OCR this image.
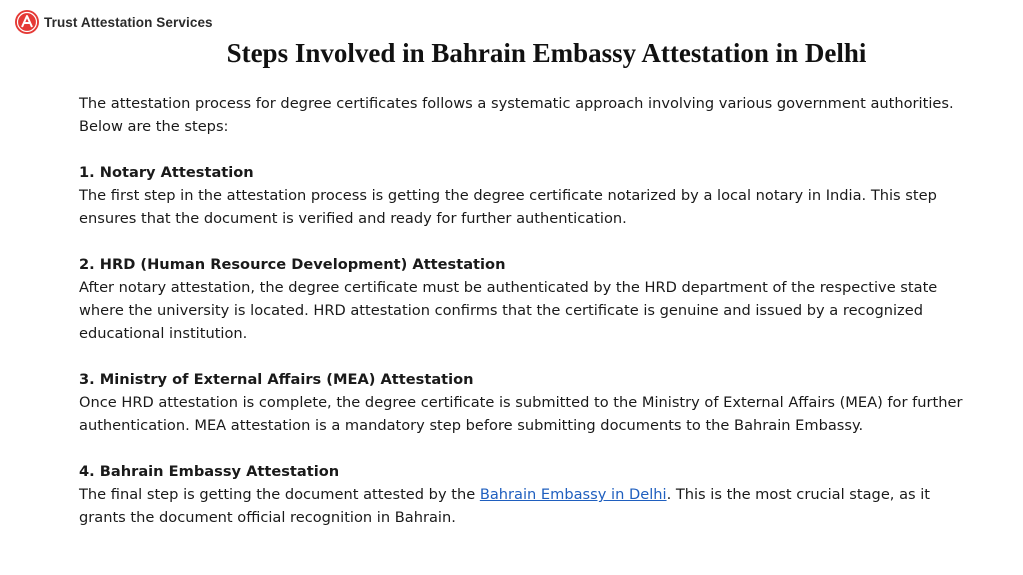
Trust Attestation Services
Steps Involved in Bahrain Embassy Attestation in Delhi

The attestation process for degree certificates follows a systematic approach involving various government authorities. Below are the steps:

1. Notary Attestation

The first step in the attestation process is getting the degree certificate notarized by a local notary in India. This step ensures that the document is verified and ready for further authentication.

2. HRD (Human Resource Development) Attestation

After notary attestation, the degree certificate must be authenticated by the HRD department of the respective state where the university is located. HRD attestation confirms that the certificate is genuine and issued by a recognized educational institution.

3. Ministry of External Affairs (MEA) Attestation

Once HRD attestation is complete, the degree certificate is submitted to the Ministry of External Affairs (MEA) for further authentication. MEA attestation is a mandatory step before submitting documents to the Bahrain Embassy.

4. Bahrain Embassy Attestation

The final step is getting the document attested by the Bahrain Embassy in Delhi. This is the most crucial stage, as it grants the document official recognition in Bahrain.
